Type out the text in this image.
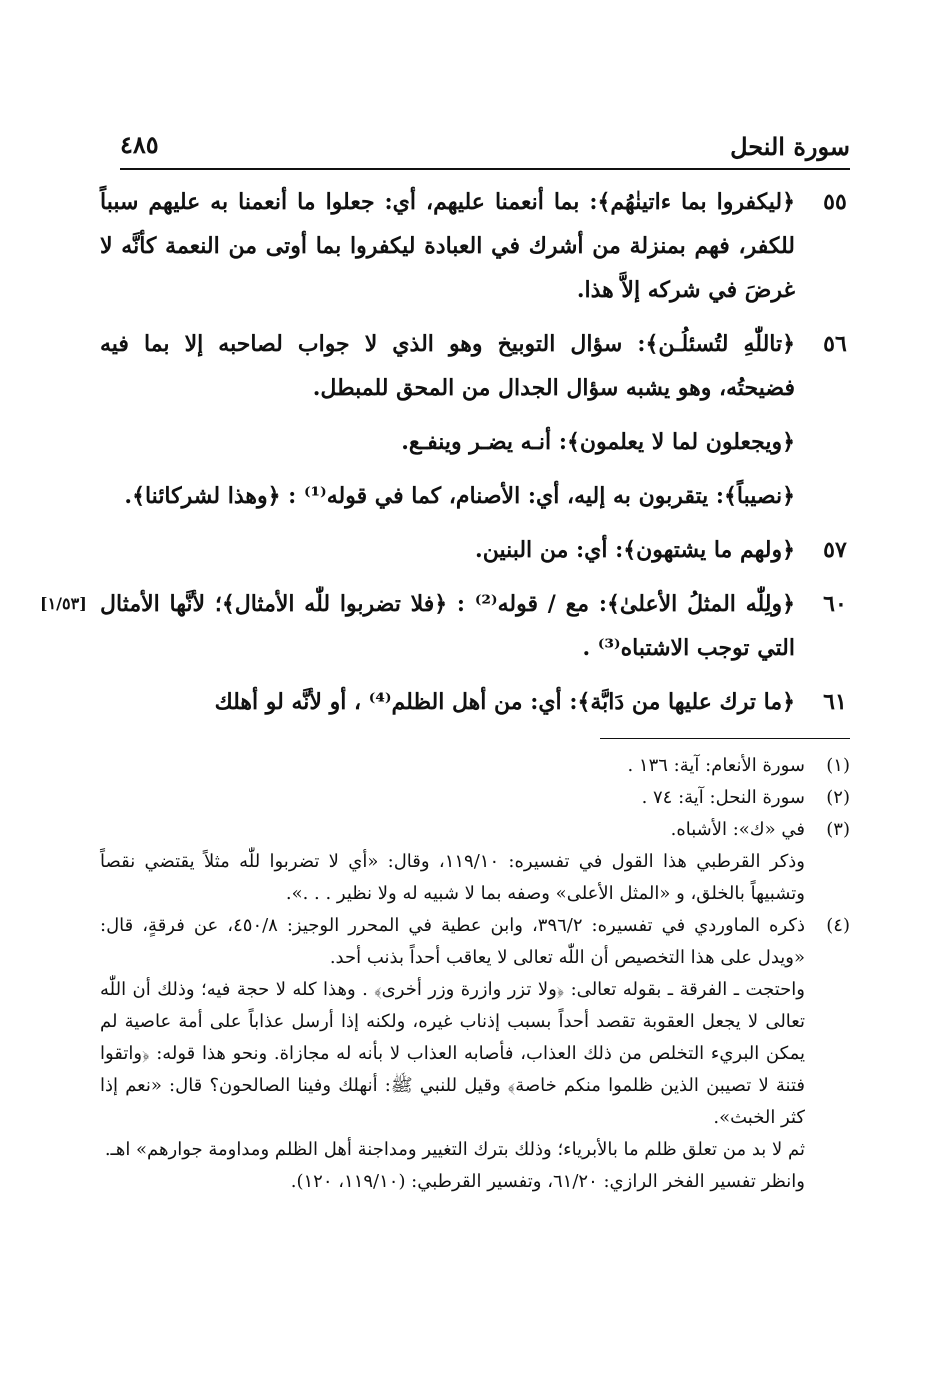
سورة النحل
٤٨٥
٥٥
﴿ليكفروا بما ءاتينٰهُم﴾: بما أنعمنا عليهم، أي: جعلوا ما أنعمنا به عليهم سبباً للكفر، فهم بمنزلة من أشرك في العبادة ليكفروا بما أوتى من النعمة كأنَّه لا غرضَ في شركه إلاَّ هذا.
٥٦
﴿تاللّٰهِ لتُسئلُـن﴾: سؤال التوبيخ وهو الذي لا جواب لصاحبه إلا بما فيه فضيحتُه، وهو يشبه سؤال الجدال من المحق للمبطل.
﴿ويجعلون لما لا يعلمون﴾: أنـه يضـر وينفـع.
﴿نصيباً﴾: يتقربون به إليه، أي: الأصنام، كما في قوله⁽¹⁾ : ﴿وهذا لشركائنا﴾.
٥٧
﴿ولهم ما يشتهون﴾: أي: من البنين.
٦٠
[١/٥٣] ﴿ولِلّٰه المثلُ الأعلىٰ﴾: مع / قوله⁽²⁾ : ﴿فلا تضربوا للّٰه الأمثال﴾؛ لأنَّها الأمثال التي توجب الاشتباه⁽³⁾ .
٦١
﴿ما ترك عليها من دَابَّة﴾: أي: من أهل الظلم⁽⁴⁾ ، أو لأنَّه لو أهلك
(١)

سورة الأنعام: آية: ١٣٦ .

(٢)

سورة النحل: آية: ٧٤ .

(٣)

في «ك»: الأشباه.

وذكر القرطبي هذا القول في تفسيره: ١١٩/١٠، وقال: «أي لا تضربوا للّٰه مثلاً يقتضي نقصاً وتشبيهاً بالخلق، و «المثل الأعلى» وصفه بما لا شبيه له ولا نظير . . .».

(٤)

ذكره الماوردي في تفسيره: ٣٩٦/٢، وابن عطية في المحرر الوجيز: ٤٥٠/٨، عن فرقةٍ، قال: «ويدل على هذا التخصيص أن اللّٰه تعالى لا يعاقب أحداً بذنب أحد.

واحتجت ـ الفرقة ـ بقوله تعالى: ﴿ولا تزر وازرة وزر أخرى﴾ . وهذا كله لا حجة فيه؛ وذلك أن اللّٰه تعالى لا يجعل العقوبة تقصد أحداً بسبب إذناب غيره، ولكنه إذا أرسل عذاباً على أمة عاصية لم يمكن البريء التخلص من ذلك العذاب، فأصابه العذاب لا بأنه له مجازاة. ونحو هذا قوله: ﴿واتقوا فتنة لا تصيبن الذين ظلموا منكم خاصة﴾ وقيل للنبي ﷺ: أنهلك وفينا الصالحون؟ قال: «نعم إذا كثر الخبث».

ثم لا بد من تعلق ظلم ما بالأبرياء؛ وذلك بترك التغيير ومداجنة أهل الظلم ومداومة جوارهم» اهـ.

وانظر تفسير الفخر الرازي: ٦١/٢٠، وتفسير القرطبي: (١١٩/١٠، ١٢٠).
